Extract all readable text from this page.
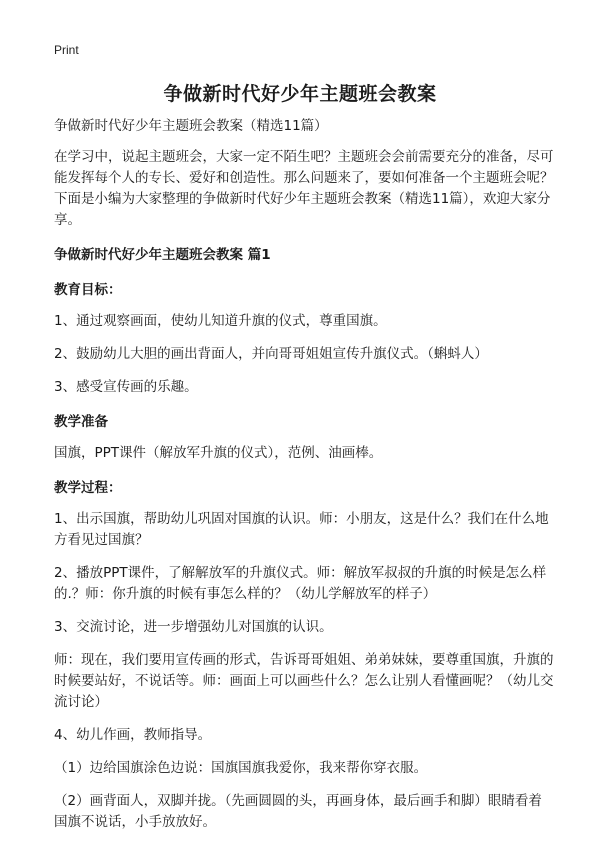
Print
争做新时代好少年主题班会教案

争做新时代好少年主题班会教案（精选11篇）

在学习中，说起主题班会，大家一定不陌生吧？主题班会会前需要充分的准备，尽可能发挥每个人的专长、爱好和创造性。那么问题来了，要如何准备一个主题班会呢？下面是小编为大家整理的争做新时代好少年主题班会教案（精选11篇），欢迎大家分享。

争做新时代好少年主题班会教案 篇1

教育目标：

1、通过观察画面，使幼儿知道升旗的仪式，尊重国旗。

2、鼓励幼儿大胆的画出背面人，并向哥哥姐姐宣传升旗仪式。（蝌蚪人）

3、感受宣传画的乐趣。

教学准备

国旗，PPT课件（解放军升旗的仪式），范例、油画棒。

教学过程：

1、出示国旗，帮助幼儿巩固对国旗的认识。师：小朋友，这是什么？我们在什么地方看见过国旗？

2、播放PPT课件，了解解放军的升旗仪式。师：解放军叔叔的升旗的时候是怎么样的.？师：你升旗的时候有事怎么样的？（幼儿学解放军的样子）

3、交流讨论，进一步增强幼儿对国旗的认识。

师：现在，我们要用宣传画的形式，告诉哥哥姐姐、弟弟妹妹，要尊重国旗，升旗的时候要站好，不说话等。师：画面上可以画些什么？怎么让别人看懂画呢？（幼儿交流讨论）

4、幼儿作画，教师指导。

（1）边给国旗涂色边说：国旗国旗我爱你，我来帮你穿衣服。

（2）画背面人，双脚并拢。（先画圆圆的头，再画身体，最后画手和脚）眼睛看着国旗不说话，小手放放好。
